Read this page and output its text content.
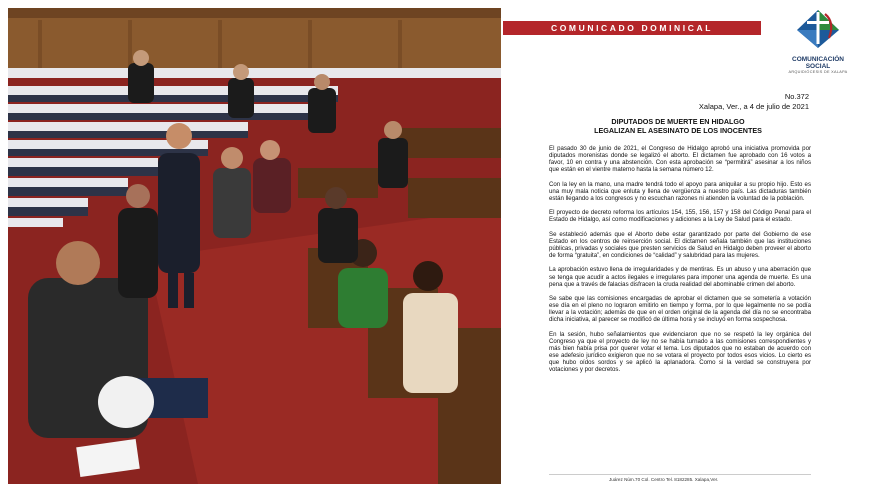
COMUNICADO DOMINICAL
COMUNICACIÓN SOCIAL
ARQUIDIÓCESIS DE XALAPA
No.372
Xalapa, Ver., a 4 de julio de 2021
DIPUTADOS DE MUERTE EN HIDALGO
LEGALIZAN EL ASESINATO DE LOS INOCENTES

El pasado 30 de junio de 2021, el Congreso de Hidalgo aprobó una iniciativa promovida por diputados morenistas donde se legalizó el aborto. El dictamen fue aprobado con 16 votos a favor, 10 en contra y una abstención. Con esta aprobación se “permitirá” asesinar a los niños que están en el vientre materno hasta la semana número 12.

Con la ley en la mano, una madre tendrá todo el apoyo para aniquilar a su propio hijo. Esto es una muy mala noticia que enluta y llena de vergüenza a nuestro país. Las dictaduras también están llegando a los congresos y no escuchan razones ni atienden la voluntad de la población.

El proyecto de decreto reforma los artículos 154, 155, 156, 157 y 158 del Código Penal para el Estado de Hidalgo, así como modificaciones y adiciones a la Ley de Salud para el estado.

Se estableció además que el Aborto debe estar garantizado por parte del Gobierno de ese Estado en los centros de reinserción social. El dictamen señala también que las instituciones públicas, privadas y sociales que presten servicios de Salud en Hidalgo deben proveer el aborto de forma “gratuita”, en condiciones de “calidad” y salubridad para las mujeres.

La aprobación estuvo llena de irregularidades y de mentiras. Es un abuso y una aberración que se tenga que acudir a actos ilegales e irregulares para imponer una agenda de muerte. Es una pena que a través de falacias disfracen la cruda realidad del abominable crimen del aborto.

Se sabe que las comisiones encargadas de aprobar el dictamen que se sometería a votación ese día en el pleno no lograron emitirlo en tiempo y forma, por lo que legalmente no se podía llevar a la votación; además de que en el orden original de la agenda del día no se encontraba dicha iniciativa, al parecer se modificó de última hora y se incluyó en forma sospechosa.

En la sesión, hubo señalamientos que evidenciaron que no se respetó la ley orgánica del Congreso ya que el proyecto de ley no se había turnado a las comisiones correspondientes y más bien había prisa por querer votar el tema. Los diputados que no estaban de acuerdo con ese adefesio jurídico exigieron que no se votara el proyecto por todos esos vicios. Lo cierto es que hubo oídos sordos y se aplicó la aplanadora. Como si la verdad se construyera por votaciones y por decretos.

Juárez Núm.70 Col. Centro Tel. 8182285. Xalapa,Ver.
